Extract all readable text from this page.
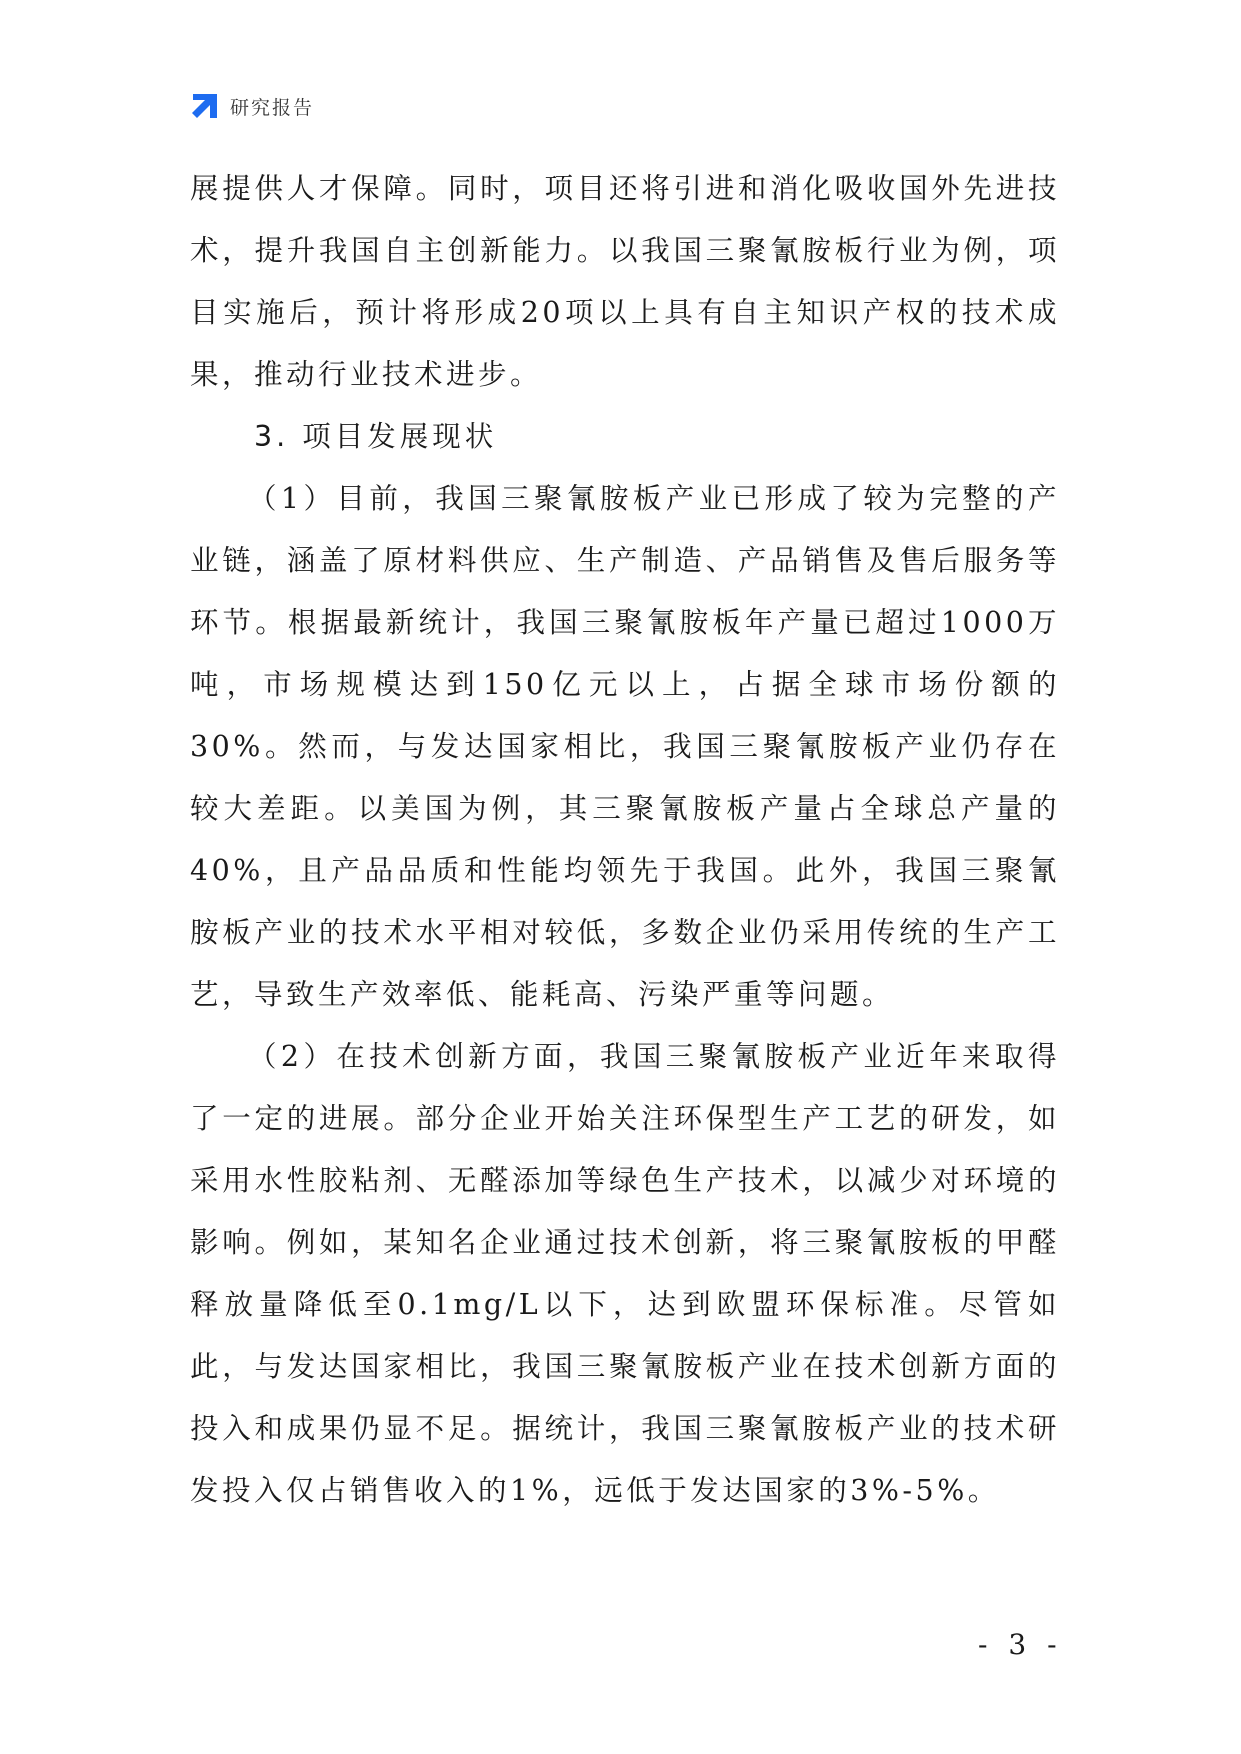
研究报告

展提供人才保障。同时，项目还将引进和消化吸收国外先进技术，提升我国自主创新能力。以我国三聚氰胺板行业为例，项目实施后，预计将形成20项以上具有自主知识产权的技术成果，推动行业技术进步。

3. 项目发展现状

（1）目前，我国三聚氰胺板产业已形成了较为完整的产业链，涵盖了原材料供应、生产制造、产品销售及售后服务等环节。根据最新统计，我国三聚氰胺板年产量已超过1000万吨，市场规模达到150亿元以上，占据全球市场份额的30%。然而，与发达国家相比，我国三聚氰胺板产业仍存在较大差距。以美国为例，其三聚氰胺板产量占全球总产量的40%，且产品品质和性能均领先于我国。此外，我国三聚氰胺板产业的技术水平相对较低，多数企业仍采用传统的生产工艺，导致生产效率低、能耗高、污染严重等问题。

（2）在技术创新方面，我国三聚氰胺板产业近年来取得了一定的进展。部分企业开始关注环保型生产工艺的研发，如采用水性胶粘剂、无醛添加等绿色生产技术，以减少对环境的影响。例如，某知名企业通过技术创新，将三聚氰胺板的甲醛释放量降低至0.1mg/L以下，达到欧盟环保标准。尽管如此，与发达国家相比，我国三聚氰胺板产业在技术创新方面的投入和成果仍显不足。据统计，我国三聚氰胺板产业的技术研发投入仅占销售收入的1%，远低于发达国家的3%-5%。

- 3 -
